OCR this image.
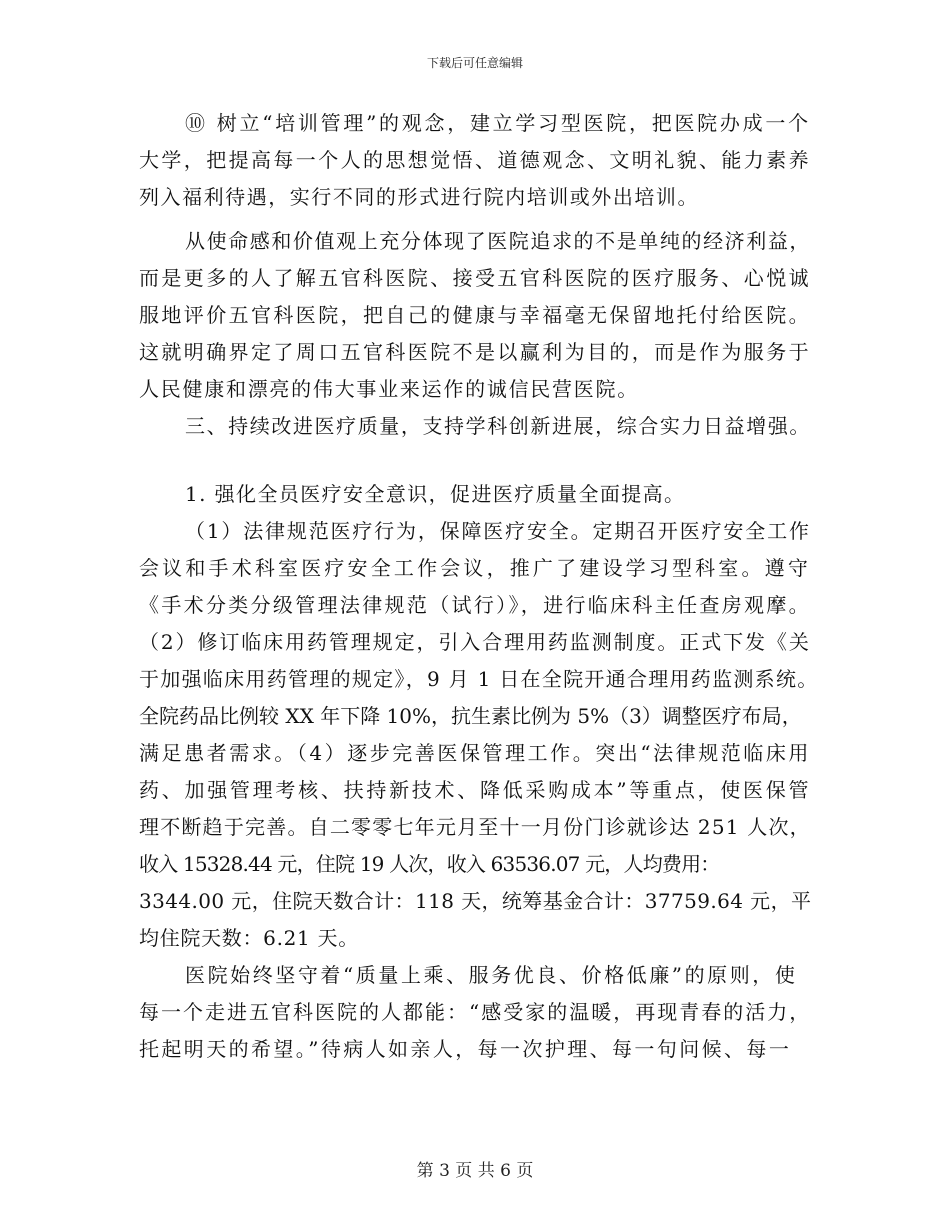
下载后可任意编辑
⑩ 树立“培训管理”的观念，建立学习型医院，把医院办成一个
大学，把提高每一个人的思想觉悟、道德观念、文明礼貌、能力素养
列入福利待遇，实行不同的形式进行院内培训或外出培训。
从使命感和价值观上充分体现了医院追求的不是单纯的经济利益，
而是更多的人了解五官科医院、接受五官科医院的医疗服务、心悦诚
服地评价五官科医院，把自己的健康与幸福毫无保留地托付给医院。
这就明确界定了周口五官科医院不是以赢利为目的，而是作为服务于
人民健康和漂亮的伟大事业来运作的诚信民营医院。
三、持续改进医疗质量，支持学科创新进展，综合实力日益增强。
1. 强化全员医疗安全意识，促进医疗质量全面提高。
（1）法律规范医疗行为，保障医疗安全。定期召开医疗安全工作
会议和手术科室医疗安全工作会议，推广了建设学习型科室。遵守
《手术分类分级管理法律规范（试行）》，进行临床科主任查房观摩。
（2）修订临床用药管理规定，引入合理用药监测制度。正式下发《关
于加强临床用药管理的规定》，9 月 1 日在全院开通合理用药监测系统。
全院药品比例较 XX 年下降 10%，抗生素比例为 5%（3）调整医疗布局，
满足患者需求。（4）逐步完善医保管理工作。突出“法律规范临床用
药、加强管理考核、扶持新技术、降低采购成本”等重点，使医保管
理不断趋于完善。自二零零七年元月至十一月份门诊就诊达 251 人次，
收入 15328.44 元，住院 19 人次，收入 63536.07 元，人均费用：
3344.00 元，住院天数合计：118 天，统筹基金合计：37759.64 元，平
均住院天数：6.21 天。
医院始终坚守着“质量上乘、服务优良、价格低廉”的原则，使
每一个走进五官科医院的人都能：“感受家的温暖，再现青春的活力，
托起明天的希望。”待病人如亲人，每一次护理、每一句问候、每一
第 3 页 共 6 页
